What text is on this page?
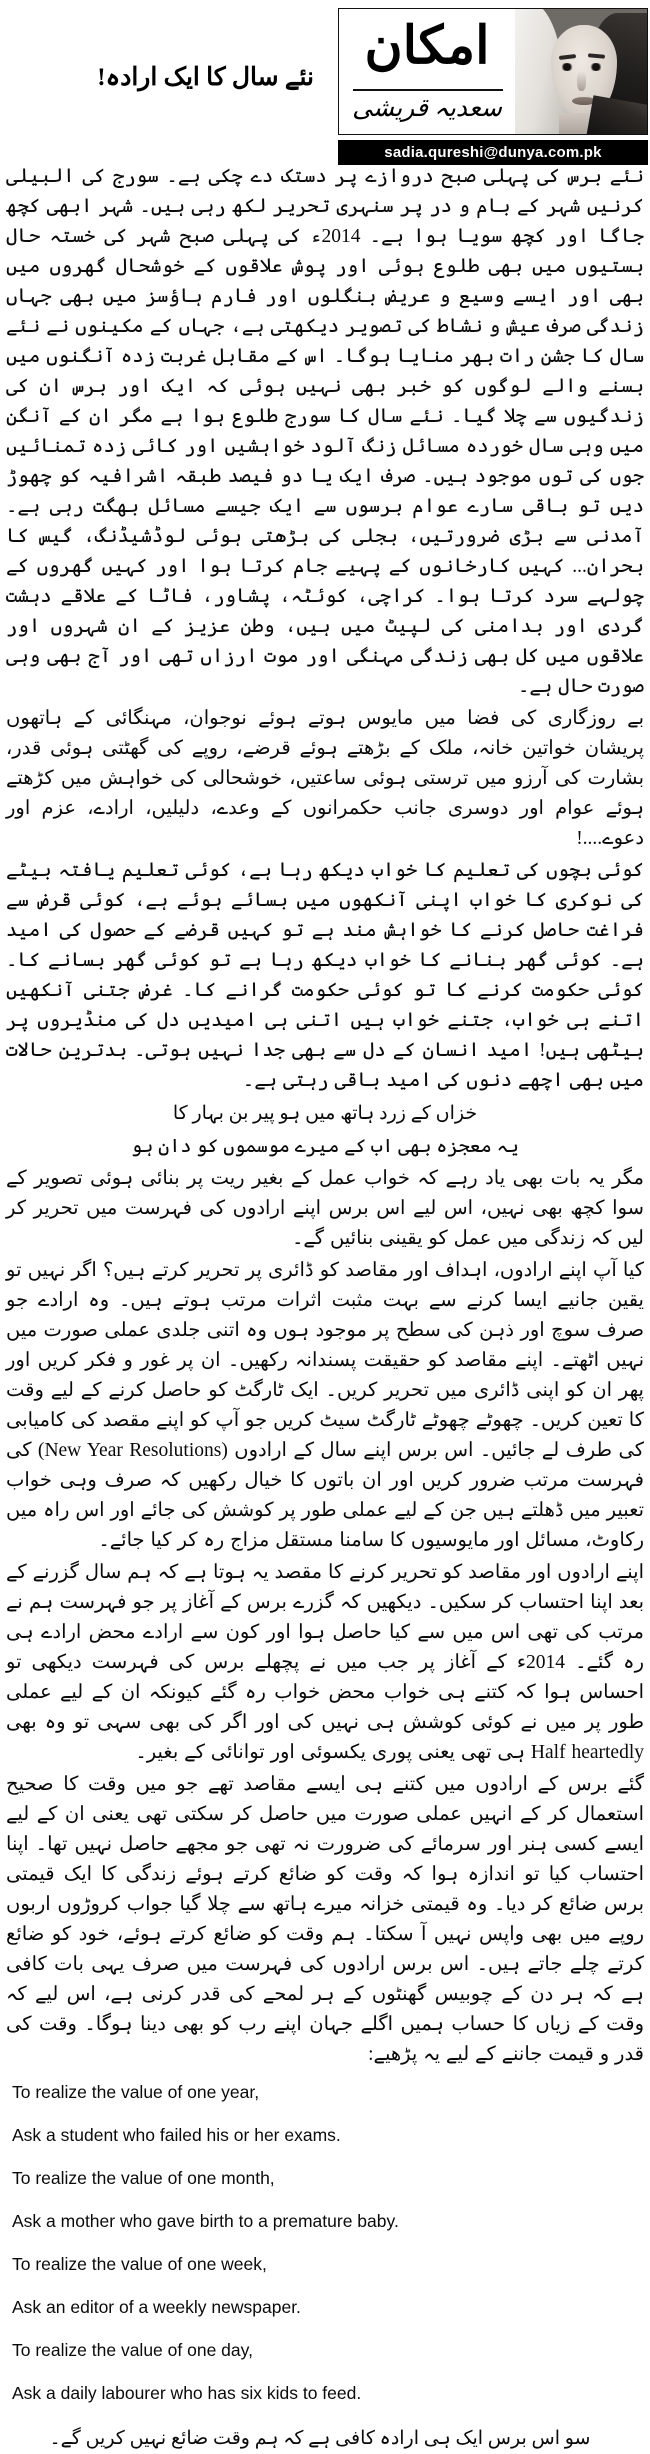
نئے سال کا ایک ارادہ!
امکان
سعدیہ قریشی
sadia.qureshi@dunya.com.pk

نئے برس کی پہلی صبح دروازے پر دستک دے چکی ہے۔ سورج کی البیلی کرنیں شہر کے بام و در پر سنہری تحریر لکھ رہی ہیں۔ شہر ابھی کچھ جاگا اور کچھ سویا ہوا ہے۔ 2014ء کی پہلی صبح شہر کی خستہ حال بستیوں میں بھی طلوع ہوئی اور پوش علاقوں کے خوشحال گھروں میں بھی اور ایسے وسیع و عریض بنگلوں اور فارم ہاؤسز میں بھی جہاں زندگی صرف عیش و نشاط کی تصویر دیکھتی ہے، جہاں کے مکینوں نے نئے سال کا جشن رات بھر منایا ہوگا۔ اس کے مقابل غربت زدہ آنگنوں میں بسنے والے لوگوں کو خبر بھی نہیں ہوئی کہ ایک اور برس ان کی زندگیوں سے چلا گیا۔ نئے سال کا سورج طلوع ہوا ہے مگر ان کے آنگن میں وہی سال خوردہ مسائل زنگ آلود خواہشیں اور کائی زدہ تمنائیں جوں کی توں موجود ہیں۔ صرف ایک یا دو فیصد طبقہ اشرافیہ کو چھوڑ دیں تو باقی سارے عوام برسوں سے ایک جیسے مسائل بھگت رہی ہے۔ آمدنی سے بڑی ضرورتیں، بجلی کی بڑھتی ہوئی لوڈشیڈنگ، گیس کا بحران... کہیں کارخانوں کے پہیے جام کرتا ہوا اور کہیں گھروں کے چولہے سرد کرتا ہوا۔ کراچی، کوئٹہ، پشاور، فاٹا کے علاقے دہشت گردی اور بدامنی کی لپیٹ میں ہیں، وطن عزیز کے ان شہروں اور علاقوں میں کل بھی زندگی مہنگی اور موت ارزاں تھی اور آج بھی وہی صورت حال ہے۔

بے روزگاری کی فضا میں مایوس ہوتے ہوئے نوجوان، مہنگائی کے ہاتھوں پریشان خواتین خانہ، ملک کے بڑھتے ہوئے قرضے، روپے کی گھٹتی ہوئی قدر، بشارت کی آرزو میں ترستی ہوئی ساعتیں، خوشحالی کی خواہش میں کڑھتے ہوئے عوام اور دوسری جانب حکمرانوں کے وعدے، دلیلیں، ارادے، عزم اور دعوے....!

کوئی بچوں کی تعلیم کا خواب دیکھ رہا ہے، کوئی تعلیم یافتہ بیٹے کی نوکری کا خواب اپنی آنکھوں میں بسائے ہوئے ہے، کوئی قرض سے فراغت حاصل کرنے کا خواہش مند ہے تو کہیں قرضے کے حصول کی امید ہے۔ کوئی گھر بنانے کا خواب دیکھ رہا ہے تو کوئی گھر بسانے کا۔ کوئی حکومت کرنے کا تو کوئی حکومت گرانے کا۔ غرض جتنی آنکھیں اتنے ہی خواب، جتنے خواب ہیں اتنی ہی امیدیں دل کی منڈیروں پر بیٹھی ہیں! امید انسان کے دل سے بھی جدا نہیں ہوتی۔ بدترین حالات میں بھی اچھے دنوں کی امید باقی رہتی ہے۔

خزاں کے زرد ہاتھ میں ہو پیر بن بہار کا
یہ معجزہ بھی اب کے میرے موسموں کو دان ہو

مگر یہ بات بھی یاد رہے کہ خواب عمل کے بغیر ریت پر بنائی ہوئی تصویر کے سوا کچھ بھی نہیں، اس لیے اس برس اپنے ارادوں کی فہرست میں تحریر کر لیں کہ زندگی میں عمل کو یقینی بنائیں گے۔

کیا آپ اپنے ارادوں، اہداف اور مقاصد کو ڈائری پر تحریر کرتے ہیں؟ اگر نہیں تو یقین جانیے ایسا کرنے سے بہت مثبت اثرات مرتب ہوتے ہیں۔ وہ ارادے جو صرف سوچ اور ذہن کی سطح پر موجود ہوں وہ اتنی جلدی عملی صورت میں نہیں اٹھتے۔ اپنے مقاصد کو حقیقت پسندانہ رکھیں۔ ان پر غور و فکر کریں اور پھر ان کو اپنی ڈائری میں تحریر کریں۔ ایک ٹارگٹ کو حاصل کرنے کے لیے وقت کا تعین کریں۔ چھوٹے چھوٹے ٹارگٹ سیٹ کریں جو آپ کو اپنے مقصد کی کامیابی کی طرف لے جائیں۔ اس برس اپنے سال کے ارادوں (New Year Resolutions) کی فہرست مرتب ضرور کریں اور ان باتوں کا خیال رکھیں کہ صرف وہی خواب تعبیر میں ڈھلتے ہیں جن کے لیے عملی طور پر کوشش کی جائے اور اس راہ میں رکاوٹ، مسائل اور مایوسیوں کا سامنا مستقل مزاج رہ کر کیا جائے۔

اپنے ارادوں اور مقاصد کو تحریر کرنے کا مقصد یہ ہوتا ہے کہ ہم سال گزرنے کے بعد اپنا احتساب کر سکیں۔ دیکھیں کہ گزرے برس کے آغاز پر جو فہرست ہم نے مرتب کی تھی اس میں سے کیا حاصل ہوا اور کون سے ارادے محض ارادے ہی رہ گئے۔ 2014ء کے آغاز پر جب میں نے پچھلے برس کی فہرست دیکھی تو احساس ہوا کہ کتنے ہی خواب محض خواب رہ گئے کیونکہ ان کے لیے عملی طور پر میں نے کوئی کوشش ہی نہیں کی اور اگر کی بھی سہی تو وہ بھی Half heartedly ہی تھی یعنی پوری یکسوئی اور توانائی کے بغیر۔

گئے برس کے ارادوں میں کتنے ہی ایسے مقاصد تھے جو میں وقت کا صحیح استعمال کر کے انہیں عملی صورت میں حاصل کر سکتی تھی یعنی ان کے لیے ایسے کسی ہنر اور سرمائے کی ضرورت نہ تھی جو مجھے حاصل نہیں تھا۔ اپنا احتساب کیا تو اندازہ ہوا کہ وقت کو ضائع کرتے ہوئے زندگی کا ایک قیمتی برس ضائع کر دیا۔ وہ قیمتی خزانہ میرے ہاتھ سے چلا گیا جواب کروڑوں اربوں روپے میں بھی واپس نہیں آ سکتا۔ ہم وقت کو ضائع کرتے ہوئے، خود کو ضائع کرتے چلے جاتے ہیں۔ اس برس ارادوں کی فہرست میں صرف یہی بات کافی ہے کہ ہر دن کے چوبیس گھنٹوں کے ہر لمحے کی قدر کرنی ہے، اس لیے کہ وقت کے زیاں کا حساب ہمیں اگلے جہان اپنے رب کو بھی دینا ہوگا۔ وقت کی قدر و قیمت جاننے کے لیے یہ پڑھیے:

To realize the value of one year,
Ask a student who failed his or her exams.
To realize the value of one month,
Ask a mother who gave birth to a premature baby.
To realize the value of one week,
Ask an editor of a weekly newspaper.
To realize the value of one day,
Ask a daily labourer who has six kids to feed.
سو اس برس ایک ہی ارادہ کافی ہے کہ ہم وقت ضائع نہیں کریں گے۔
